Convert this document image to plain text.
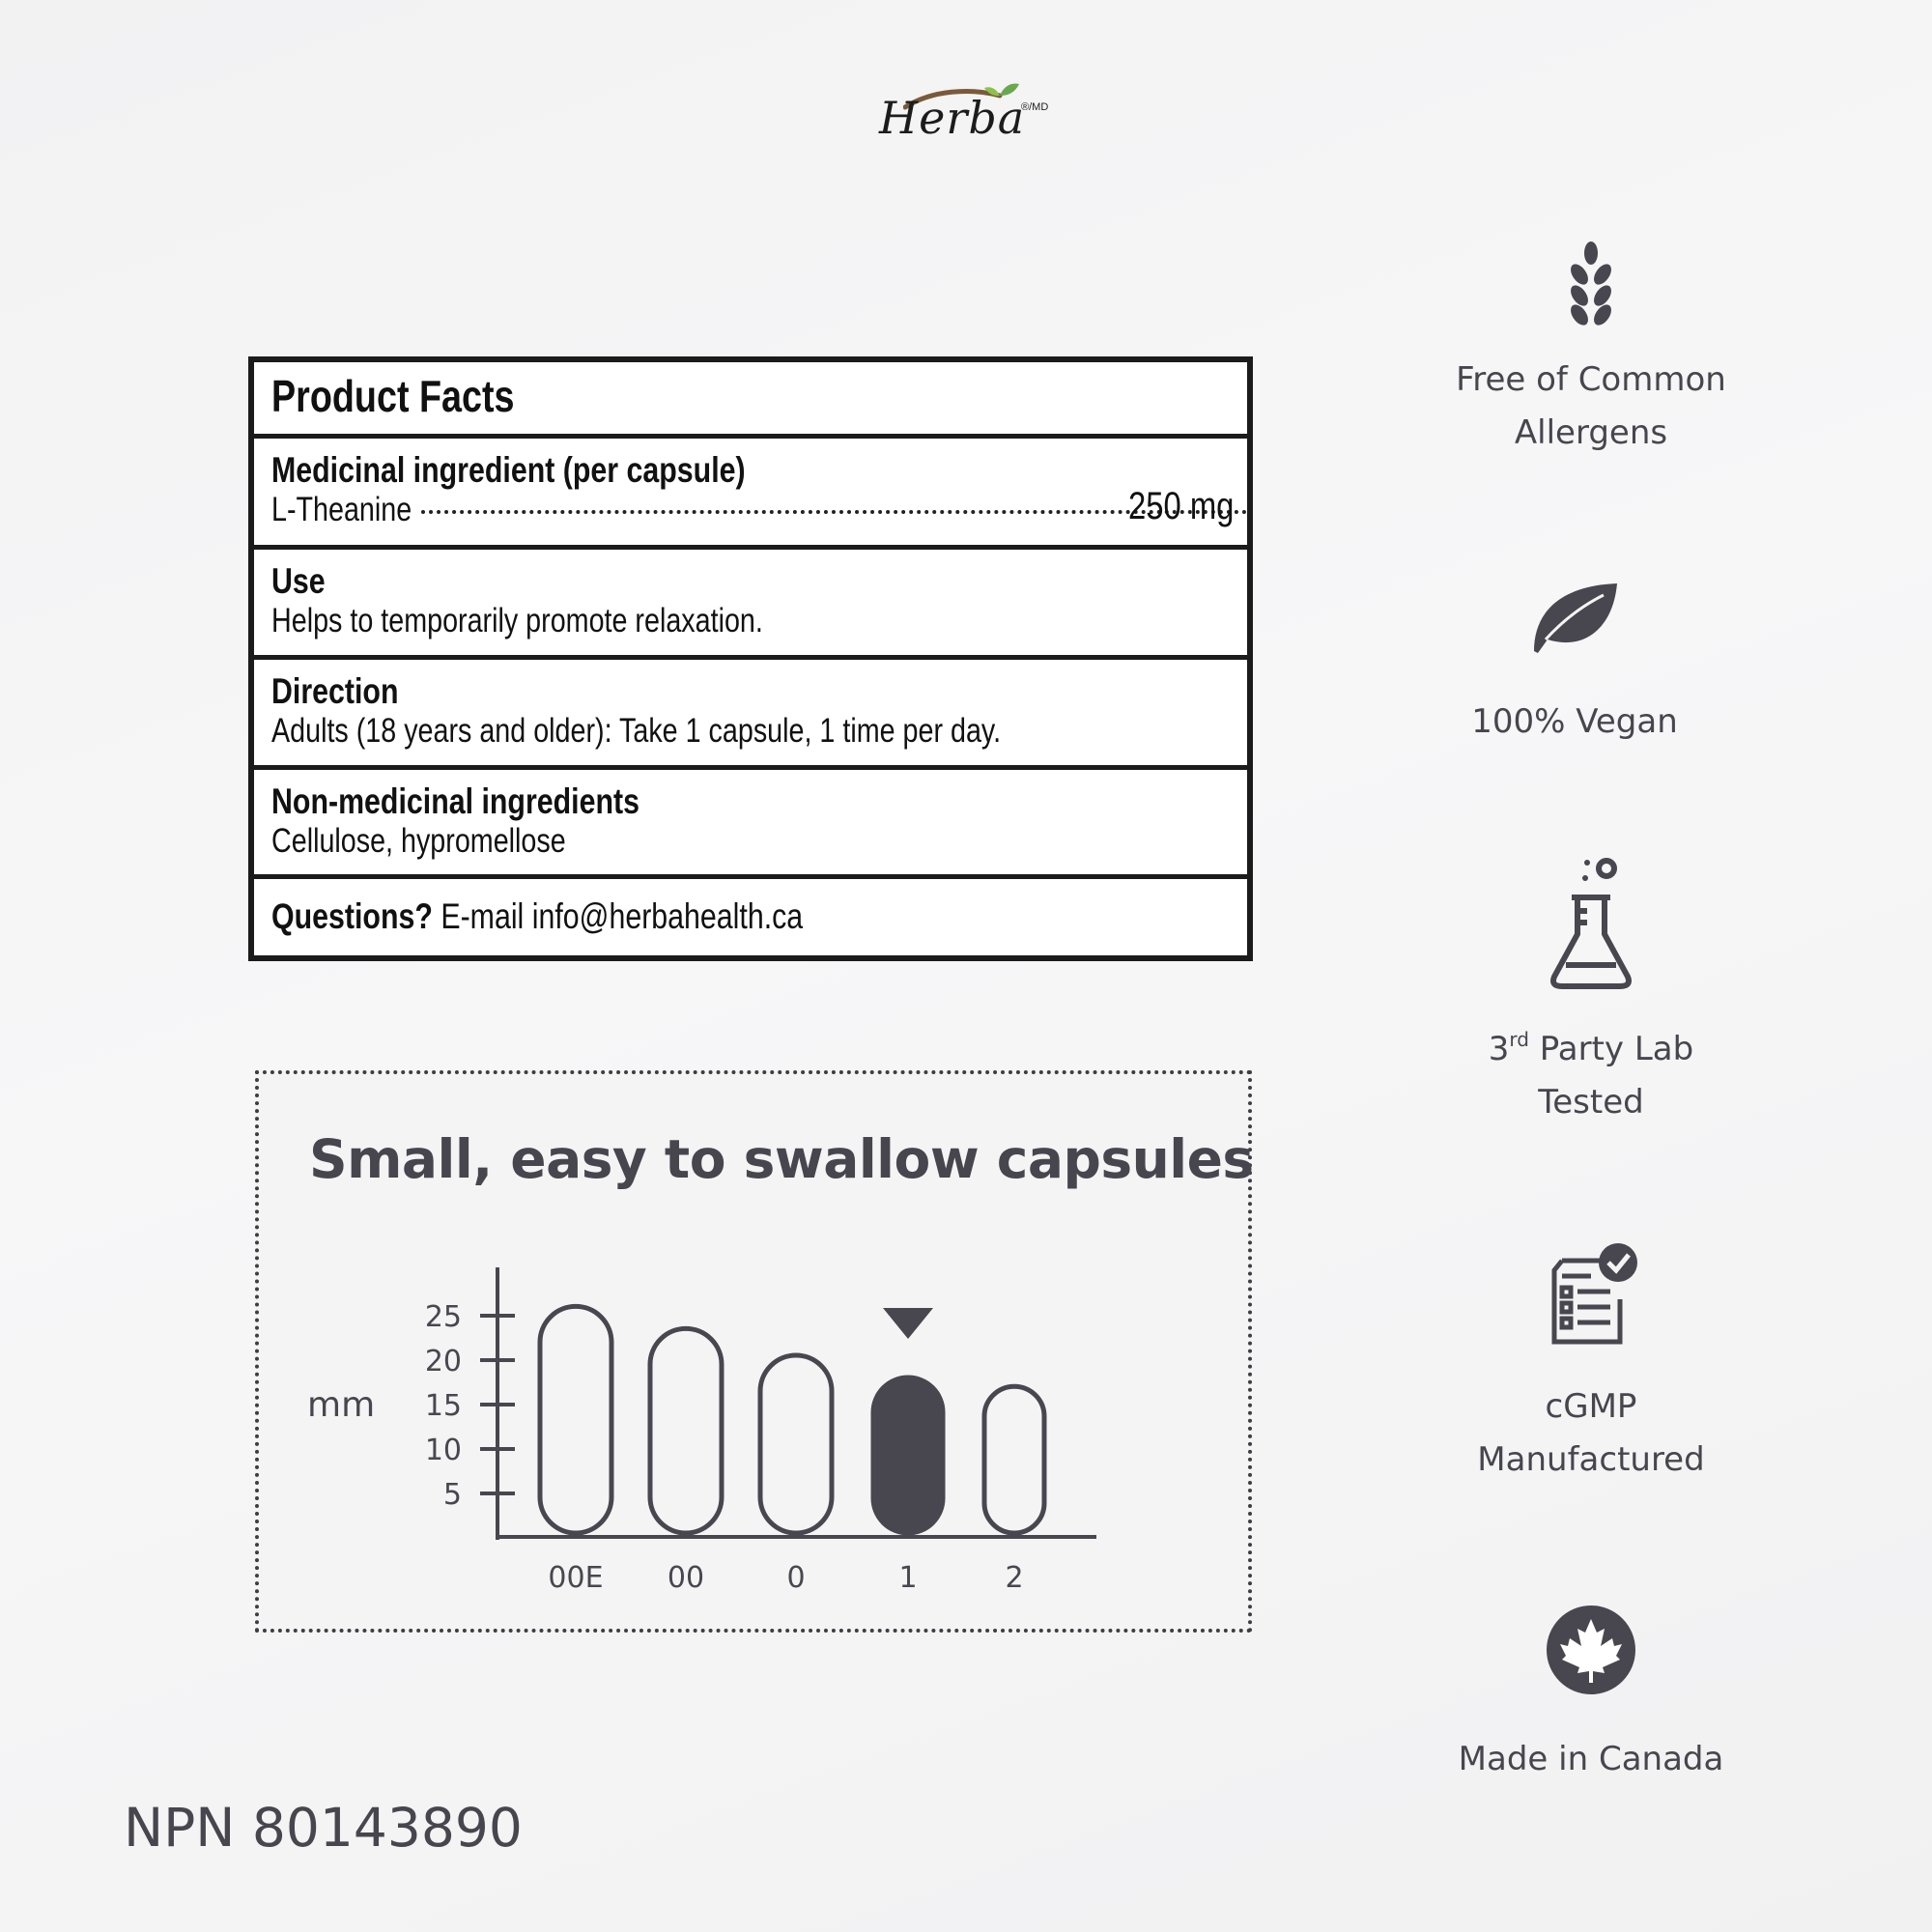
Herba
®/MD
Product Facts
Medicinal ingredient (per capsule)
L-Theanine	250 mg
Use
Helps to temporarily promote relaxation.
Direction
Adults (18 years and older): Take 1 capsule, 1 time per day.
Non-medicinal ingredients
Cellulose, hypromellose
Questions? E-mail info@herbahealth.ca
Small, easy to swallow capsules
mm
25
20
15
10
5
00E 00	0	1	2
Free of Common
Allergens
100% Vegan
3rd Party Lab
Tested
cGMP
Manufactured
Made in Canada
NPN 80143890
